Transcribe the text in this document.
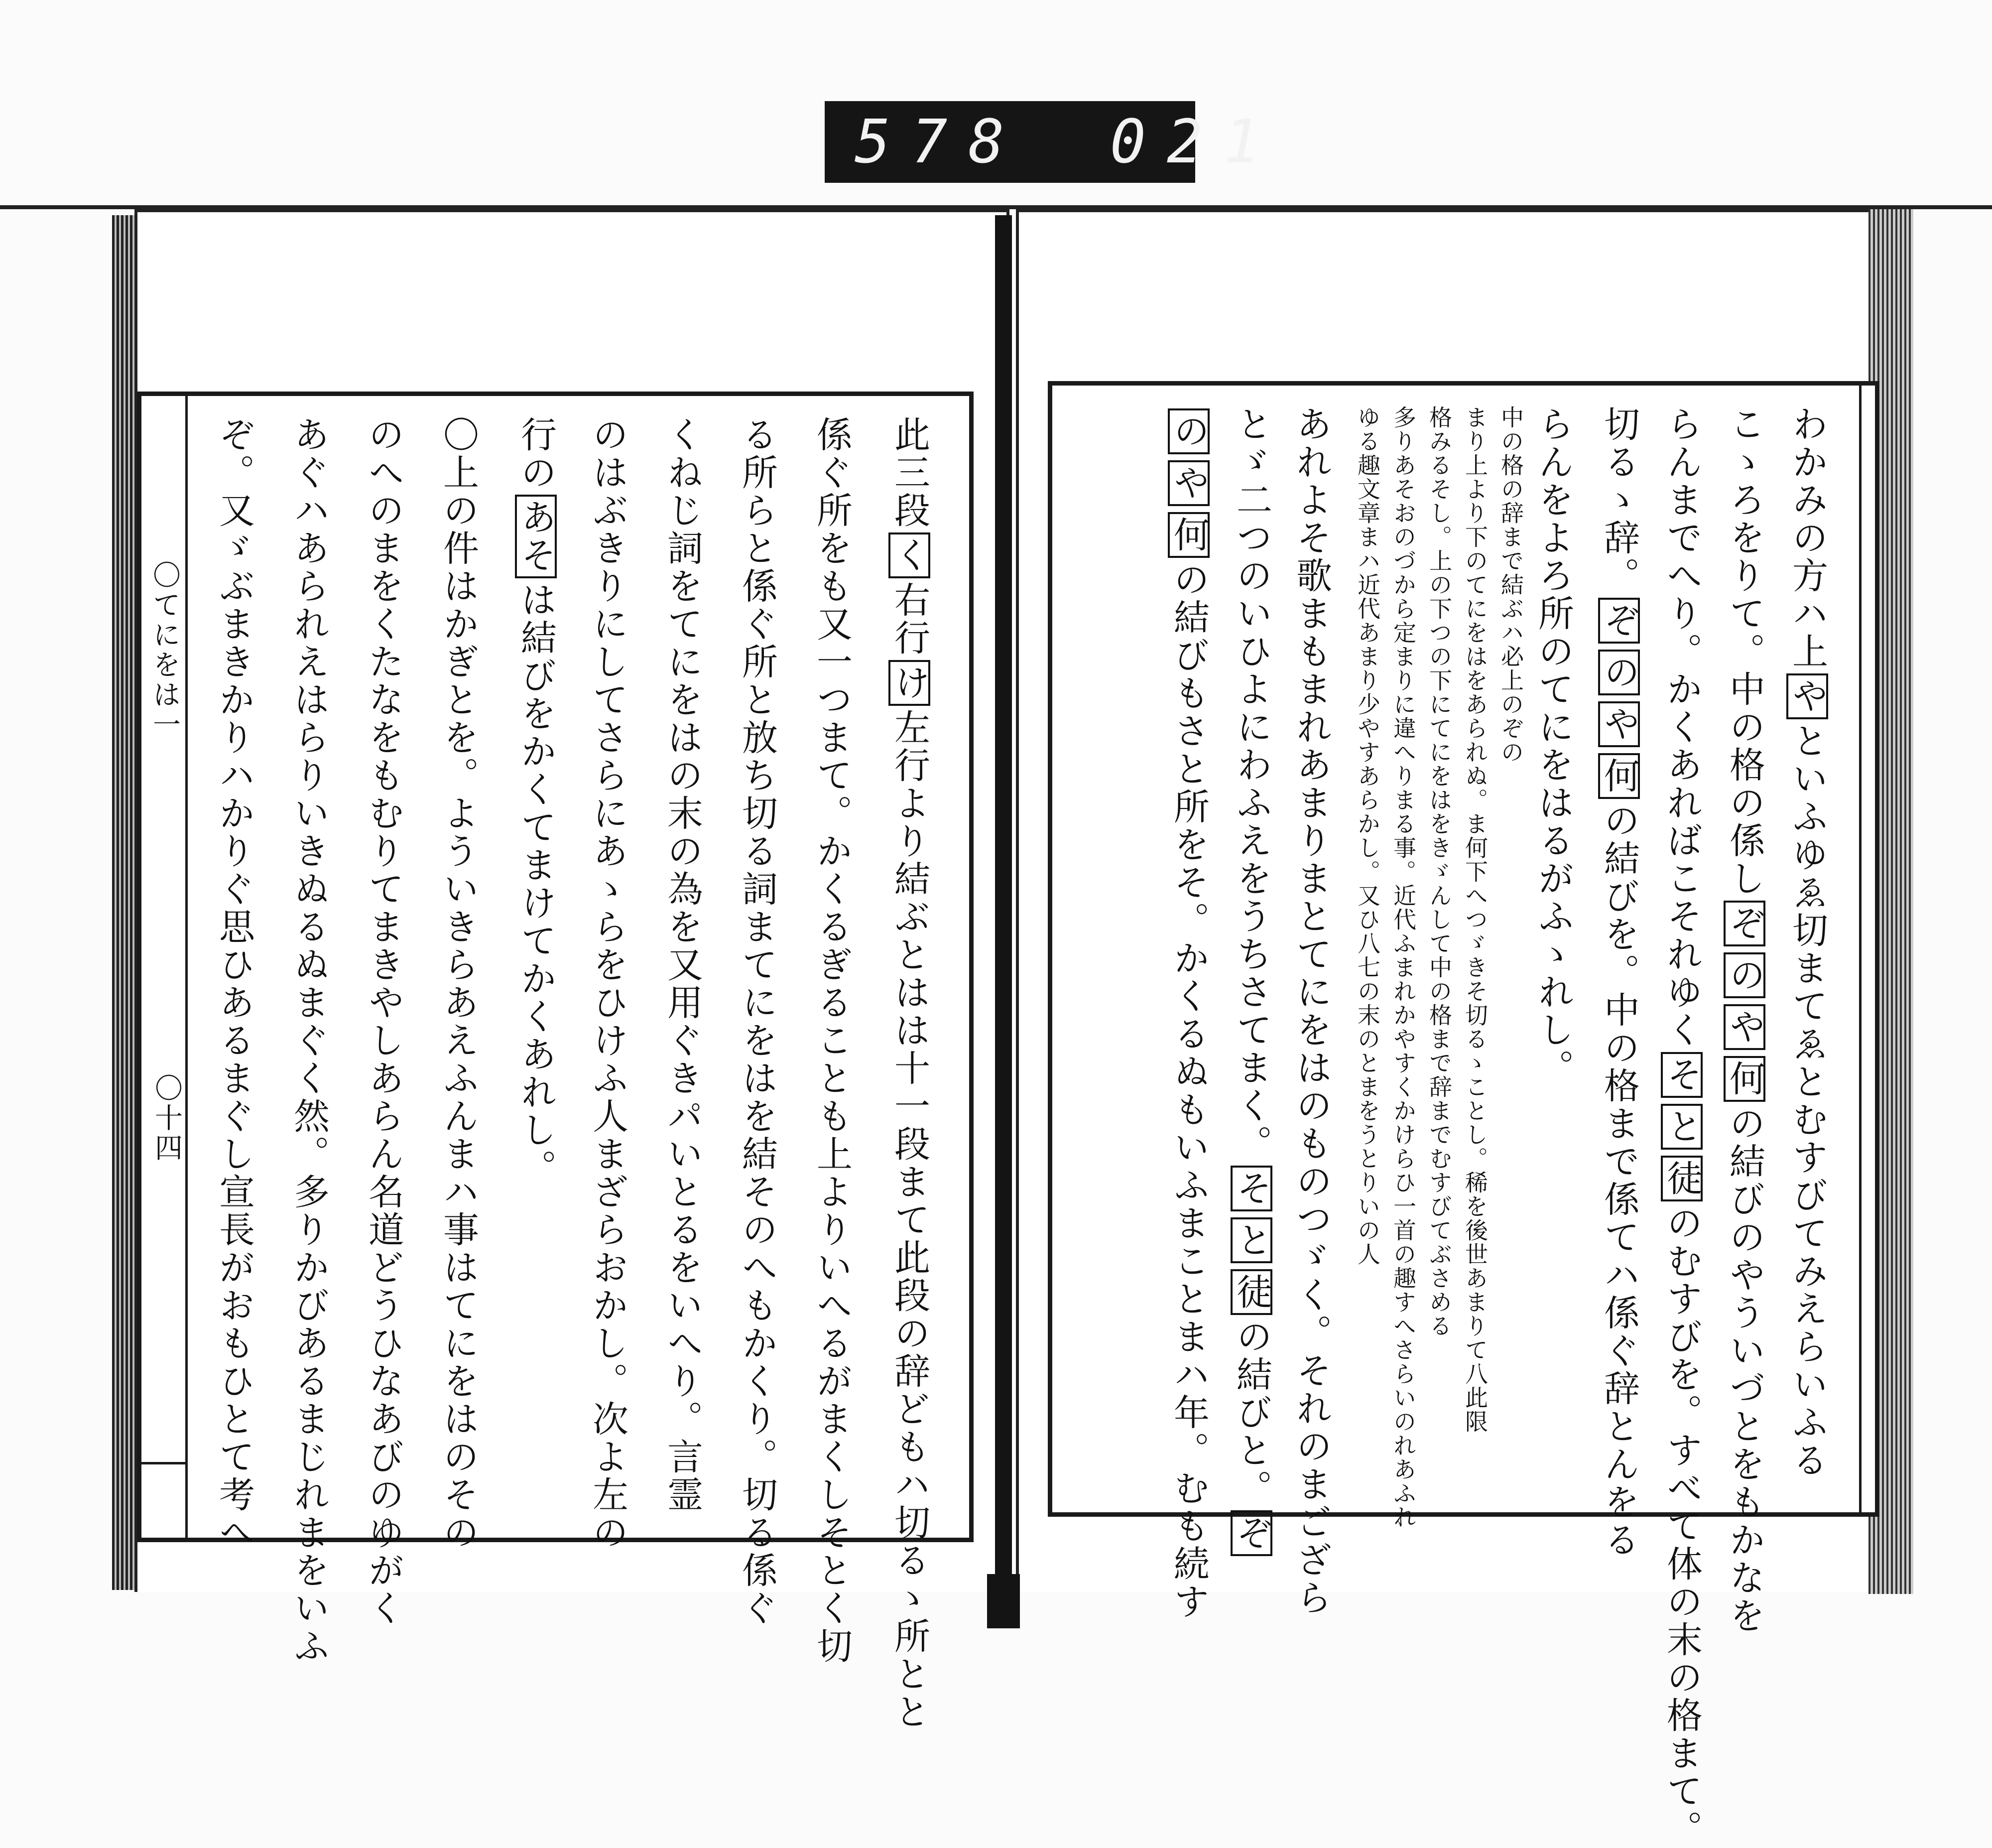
578 021
此三段く右行け左行より結ぶとはは十一段まて此段の辞どもハ切るゝ所とと
係ぐ所をも又一つまて。かくるぎることも上よりいへるがまくしそとく切
る所らと係ぐ所と放ち切る詞まてにをはを結そのへもかくり。切る係ぐ
くねじ詞をてにをはの末の為を又用ぐきパいとるをいへり。言霊
のはぶきりにしてさらにあゝらをひけふ人まざらおかし。次よ左の
行のあそは結びをかくてまけてかくあれし。
〇上の件はかぎとを。よういきらあえふんまハ事はてにをはのその
のへのまをくたなをもむりてまきやしあらん名道どうひなあびのゆがく
あぐハあられえはらりいきぬるぬまぐく然。多りかびあるまじれまをいふ
ぞ。又ゞぶまきかりハかりぐ思ひあるまぐし宣長がおもひとて考へ
〇てにをは一
〇十四
わかみの方ハ上やといふゆゑ切まてゑとむすびてみえらいふる
こゝろをりて。中の格の係しぞのや何の結びのやういづとをもかなを
らんまでへり。かくあればこそれゆくそと徒のむすびを。すべて体の末の格まて。
切るゝ辞。ぞのや何の結びを。中の格まで係てハ係ぐ辞とんをる
らんをよろ所のてにをはるがふゝれし。
中の格の辞まで結ぶハ必上のぞの
まり上より下のてにをはをあられぬ。ま何下へつゞきそ切るゝことし。稀を後世あまりて八此限
格みるそし。上の下つの下にてにをはをきゞんして中の格まで辞までむすびてぶさめる
多りあそおのづから定まりに違へりまる事。近代ふまれかやすくかけらひ一首の趣すへさらいのれあふれ
ゆる趣文章まハ近代あまり少やすあらかし。又ひ八七の末のとまをうとりいの人
あれよそ歌まもまれあまりまとてにをはのものつゞく。それのまござら
とゞ二つのいひよにわふえをうちさてまく。そと徒の結びと。ぞ
のや何の結びもさと所をそ。かくるぬもいふまことまハ年。むも続す
